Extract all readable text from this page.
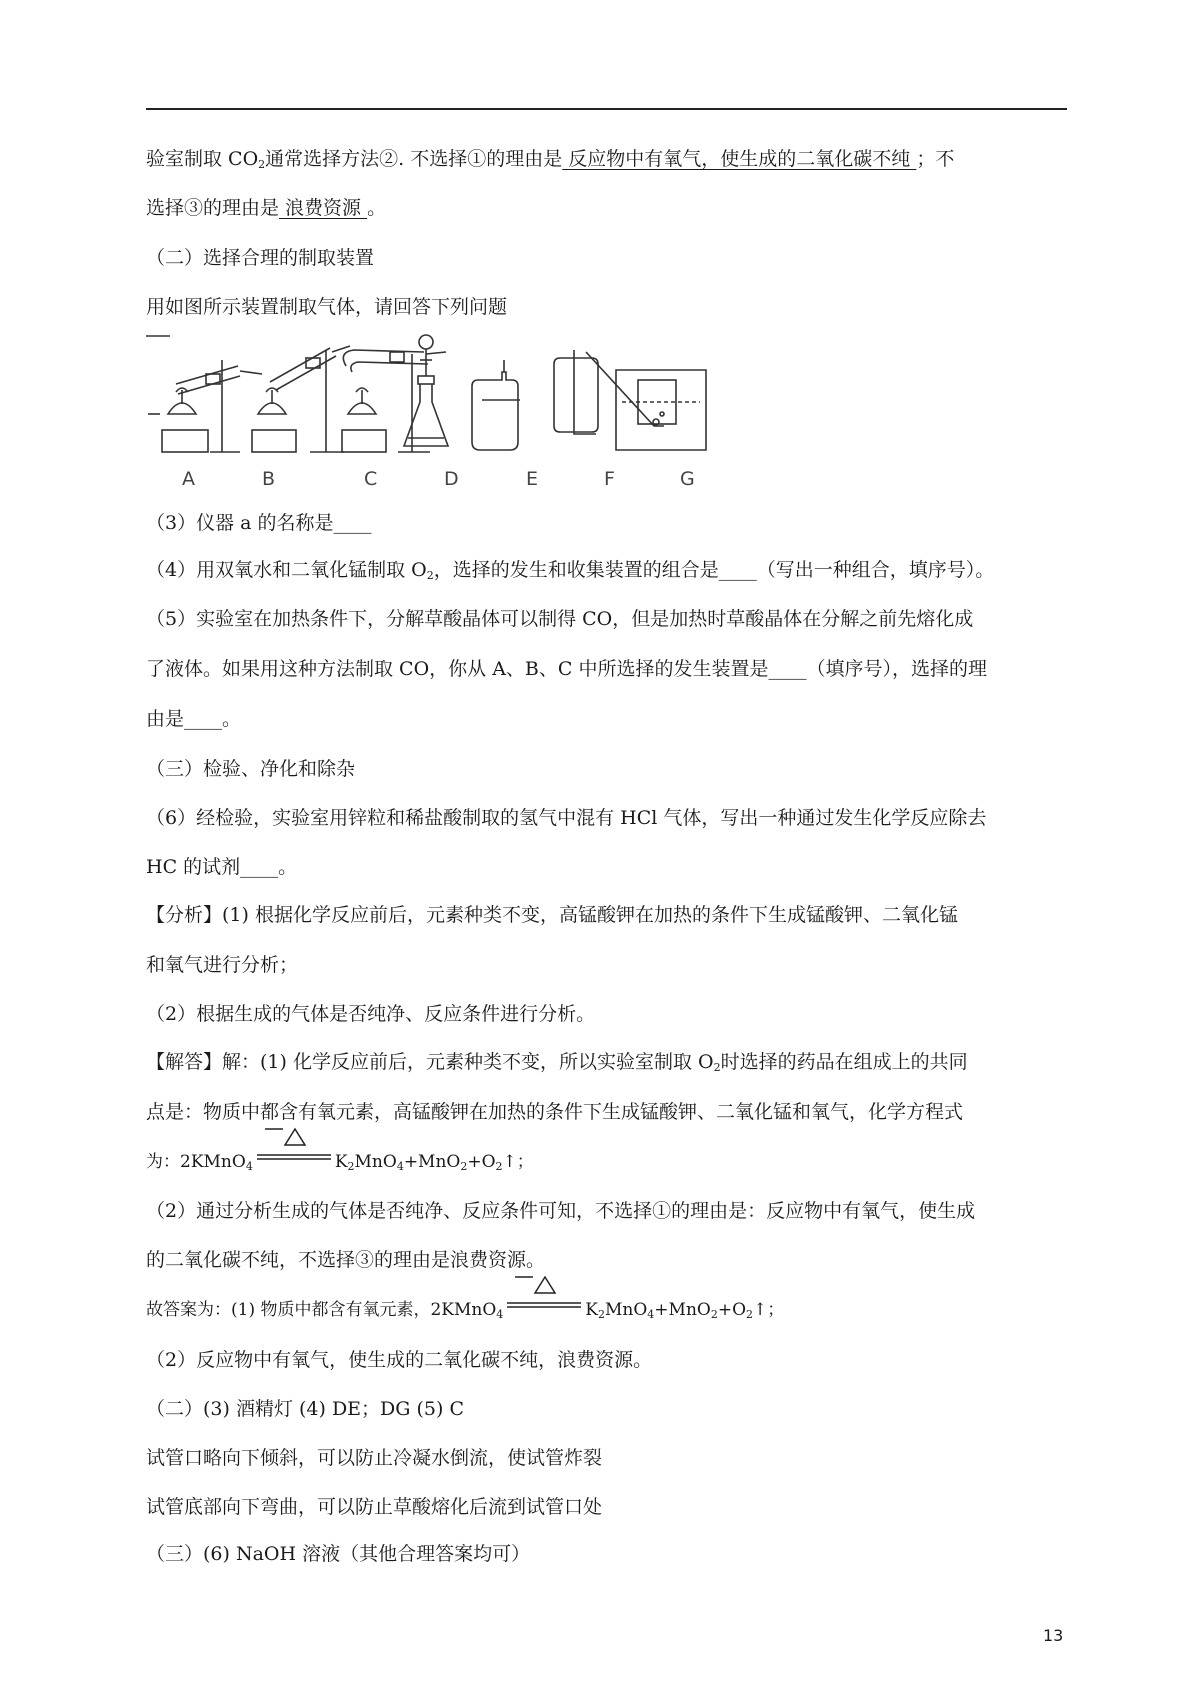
验室制取 $CO_2$通常选择方法②. 不选择①的理由是 反应物中有氧气，使生成的二氧化碳不纯 ；不
选择③的理由是 浪费资源 。
（二）选择合理的制取装置
用如图所示装置制取气体，请回答下列问题
A	B	C	D	E	F	G
（3）仪器 a 的名称是____
（4）用双氧水和二氧化锰制取 $O_2$，选择的发生和收集装置的组合是____（写出一种组合，填序号）。
（5）实验室在加热条件下，分解草酸晶体可以制得 CO，但是加热时草酸晶体在分解之前先熔化成
了液体。如果用这种方法制取 CO，你从 A、B、C 中所选择的发生装置是____（填序号），选择的理
由是____。
（三）检验、净化和除杂
（6）经检验，实验室用锌粒和稀盐酸制取的氢气中混有 HCl 气体，写出一种通过发生化学反应除去
HC 的试剂____。
【分析】(1) 根据化学反应前后，元素种类不变，高锰酸钾在加热的条件下生成锰酸钾、二氧化锰
和氧气进行分析；
（2）根据生成的气体是否纯净、反应条件进行分析。
【解答】解：(1) 化学反应前后，元素种类不变，所以实验室制取 $O_2$时选择的药品在组成上的共同
点是：物质中都含有氧元素，高锰酸钾在加热的条件下生成锰酸钾、二氧化锰和氧气，化学方程式
为：2KMnO$_4$	$K_2MnO_4+MnO_2+O_2↑$；
（2）通过分析生成的气体是否纯净、反应条件可知，不选择①的理由是：反应物中有氧气，使生成
的二氧化碳不纯，不选择③的理由是浪费资源。
故答案为：(1) 物质中都含有氧元素，2KMnO$_4$	$K_2MnO_4+MnO_2+O_2↑$；
（2）反应物中有氧气，使生成的二氧化碳不纯，浪费资源。
（二）(3) 酒精灯 (4) DE；DG (5) C
试管口略向下倾斜，可以防止冷凝水倒流，使试管炸裂
试管底部向下弯曲，可以防止草酸熔化后流到试管口处
（三）(6) NaOH 溶液（其他合理答案均可）
13
